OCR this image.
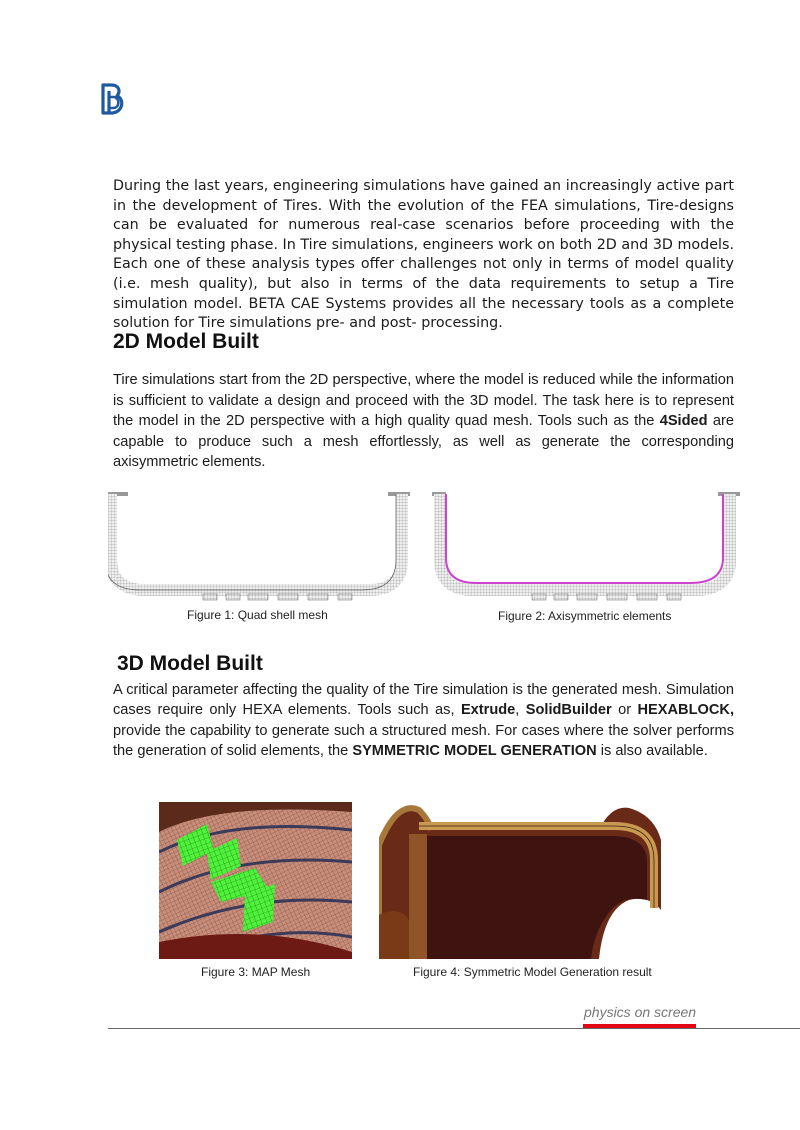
During the last years, engineering simulations have gained an increasingly active part in the development of Tires. With the evolution of the FEA simulations, Tire-designs can be evaluated for numerous real-case scenarios before proceeding with the physical testing phase. In Tire simulations, engineers work on both 2D and 3D models. Each one of these analysis types offer challenges not only in terms of model quality (i.e. mesh quality), but also in terms of the data requirements to setup a Tire simulation model. BETA CAE Systems provides all the necessary tools as a complete solution for Tire simulations pre- and post- processing.

2D Model Built

Tire simulations start from the 2D perspective, where the model is reduced while the information is sufficient to validate a design and proceed with the 3D model. The task here is to represent the model in the 2D perspective with a high quality quad mesh. Tools such as the 4Sided are capable to produce such a mesh effortlessly, as well as generate the corresponding axisymmetric elements.

Figure 1: Quad shell mesh	Figure 2: Axisymmetric elements
3D Model Built

A critical parameter affecting the quality of the Tire simulation is the generated mesh. Simulation cases require only HEXA elements. Tools such as, Extrude, SolidBuilder or HEXABLOCK, provide the capability to generate such a structured mesh. For cases where the solver performs the generation of solid elements, the SYMMETRIC MODEL GENERATION is also available.

Figure 3: MAP Mesh	Figure 4: Symmetric Model Generation result
physics on screen
